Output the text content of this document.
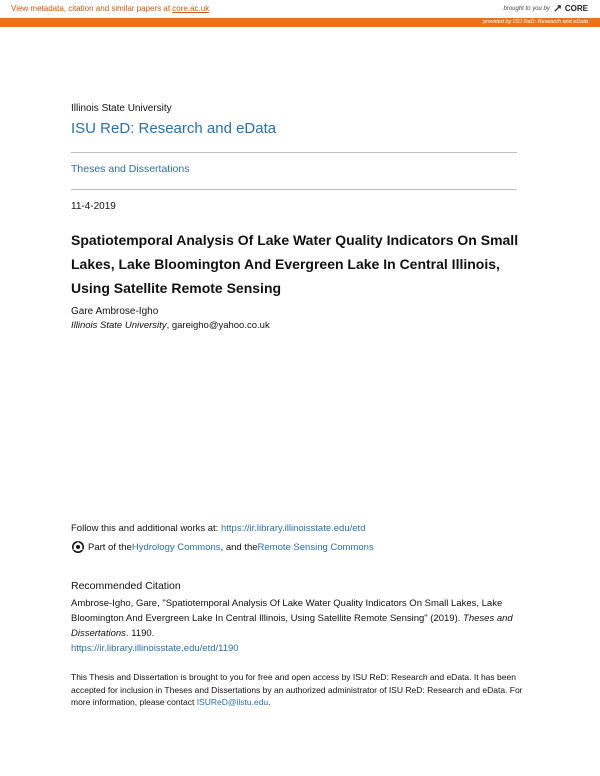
View metadata, citation and similar papers at core.ac.uk	brought to you by CORE
provided by ISU ReD: Research and eData
Illinois State University
ISU ReD: Research and eData
Theses and Dissertations
11-4-2019
Spatiotemporal Analysis Of Lake Water Quality Indicators On Small Lakes, Lake Bloomington And Evergreen Lake In Central Illinois, Using Satellite Remote Sensing
Gare Ambrose-Igho
Illinois State University, gareigho@yahoo.co.uk
Follow this and additional works at: https://ir.library.illinoisstate.edu/etd
Part of the Hydrology Commons , and the Remote Sensing Commons
Recommended Citation
Ambrose-Igho, Gare, "Spatiotemporal Analysis Of Lake Water Quality Indicators On Small Lakes, Lake Bloomington And Evergreen Lake In Central Illinois, Using Satellite Remote Sensing" (2019). Theses and Dissertations. 1190.
https://ir.library.illinoisstate.edu/etd/1190
This Thesis and Dissertation is brought to you for free and open access by ISU ReD: Research and eData. It has been accepted for inclusion in Theses and Dissertations by an authorized administrator of ISU ReD: Research and eData. For more information, please contact ISUReD@ilstu.edu.
